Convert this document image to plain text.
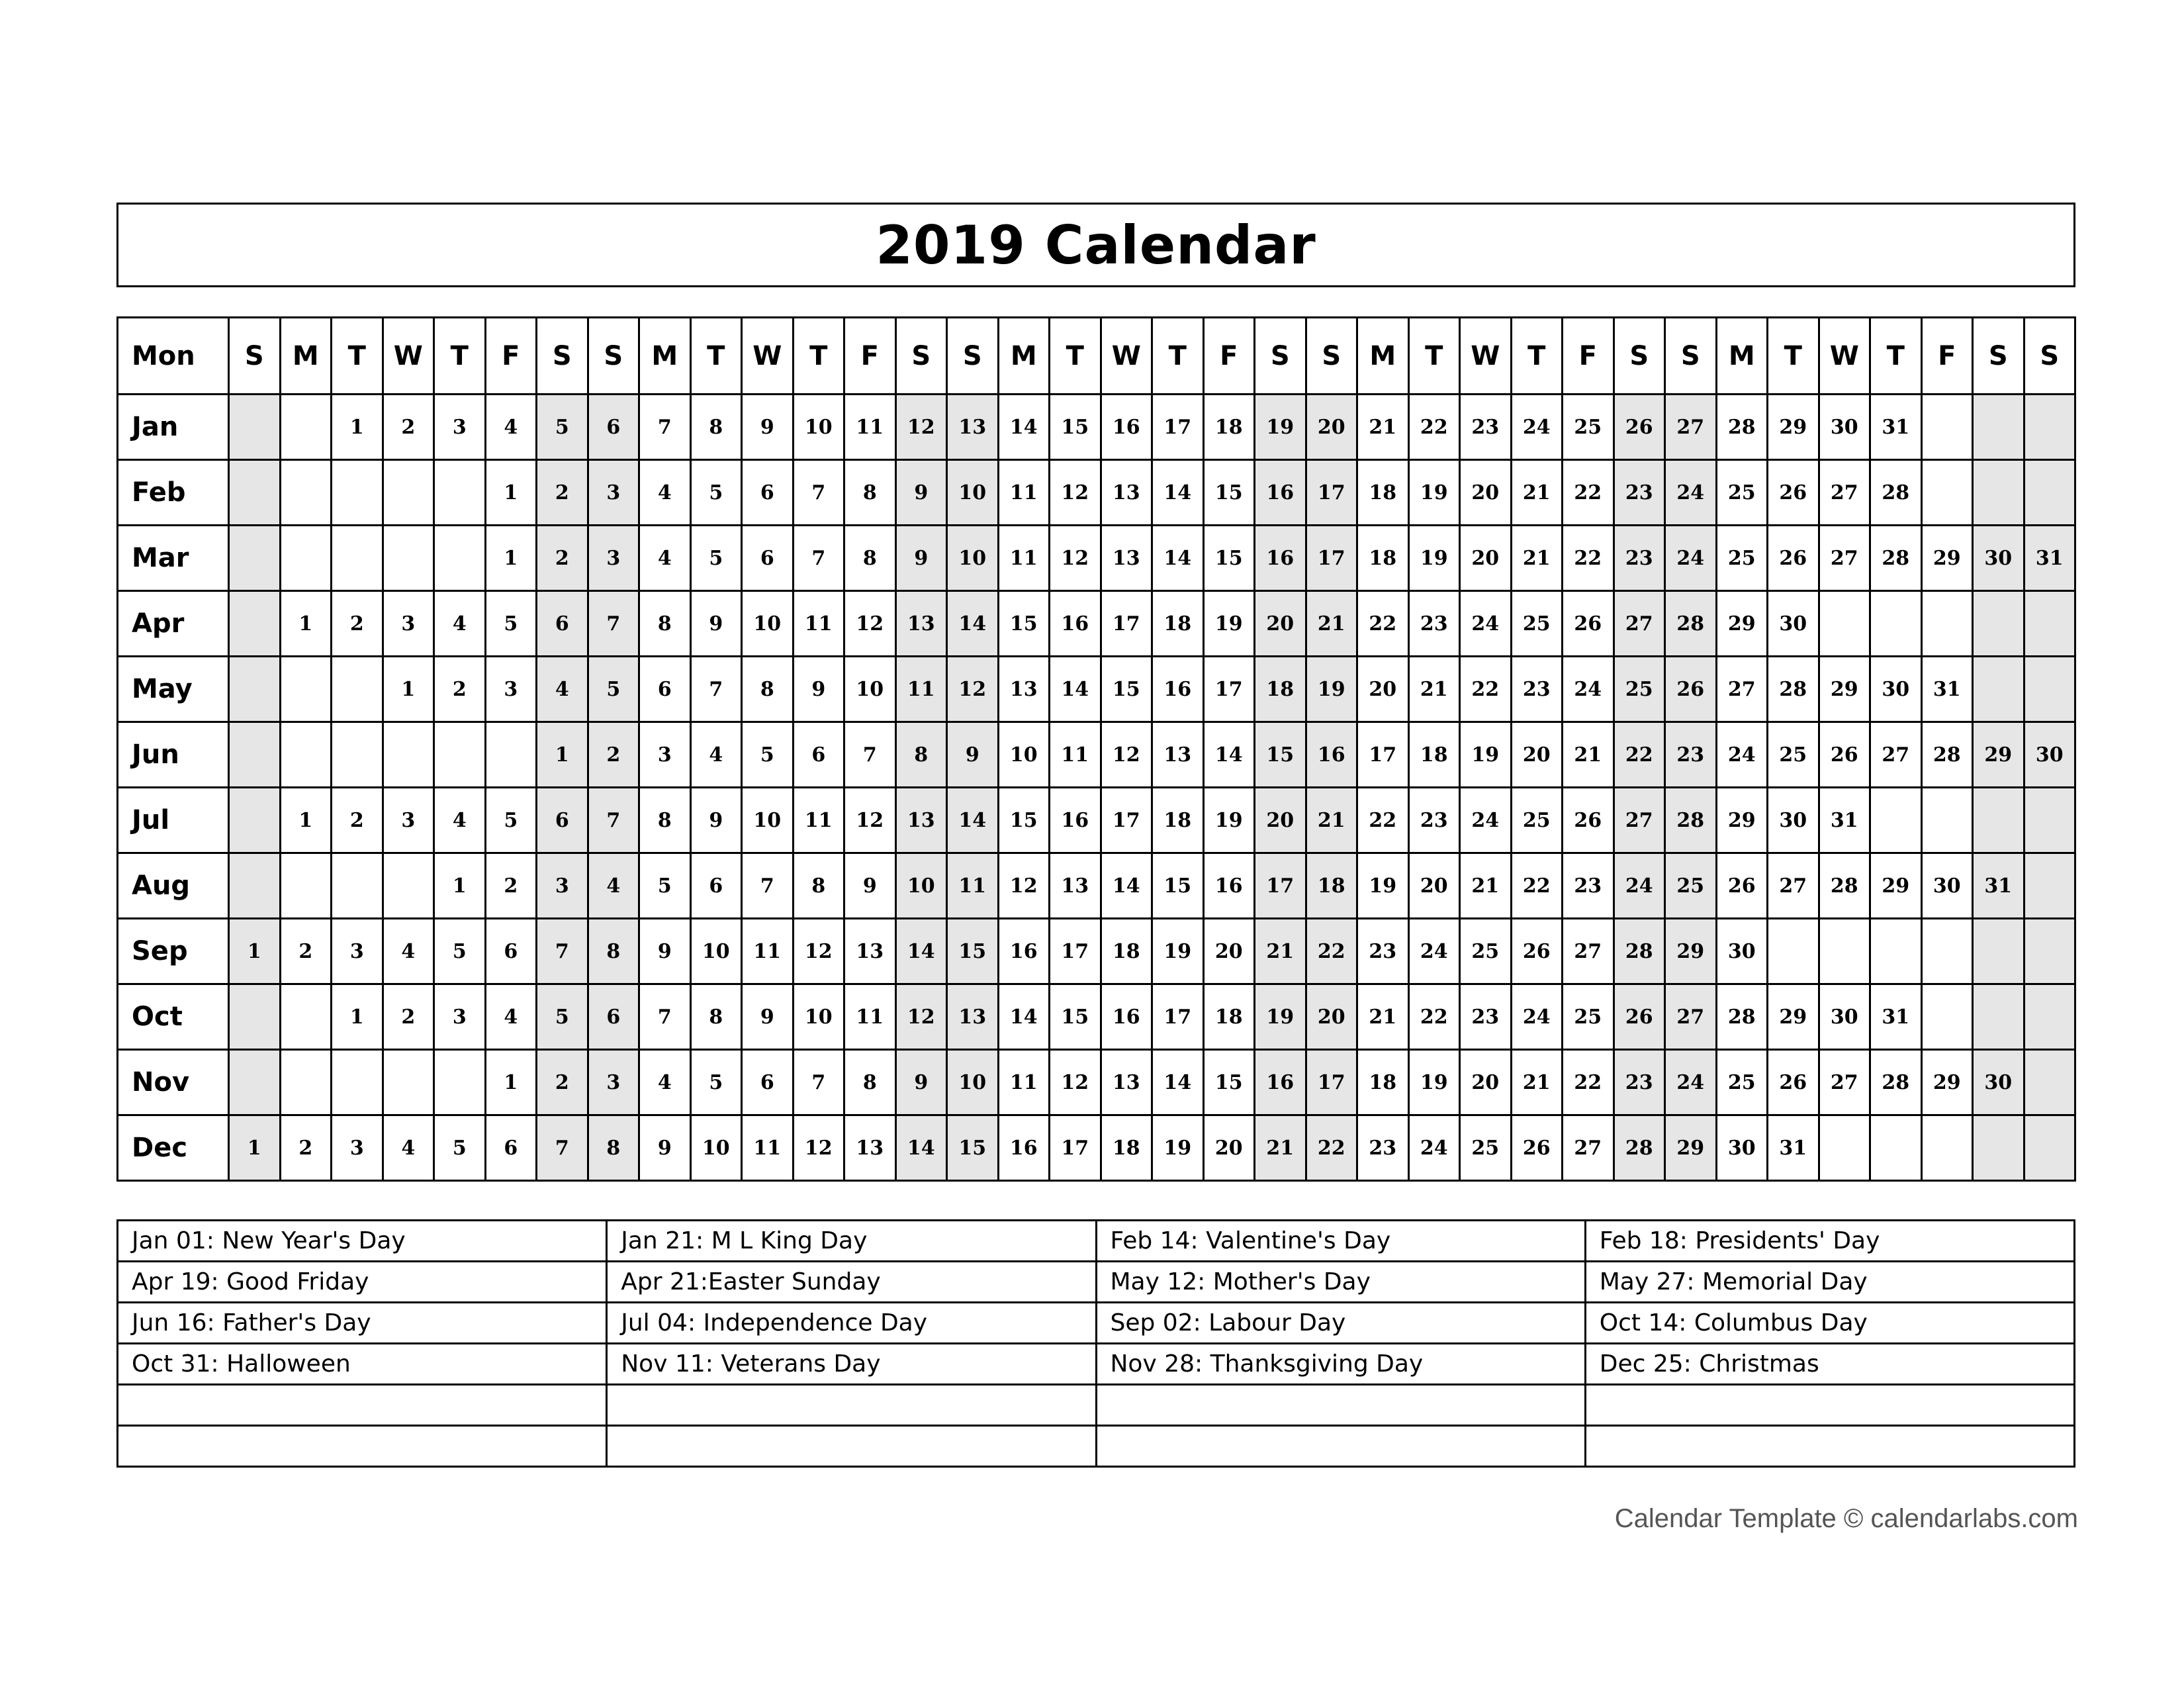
2019 Calendar
Mon	S	M	T	W	T	F	S	S	M	T	W	T	F	S	S	M	T	W	T	F	S	S	M	T	W	T	F	S	S	M	T	W	T	F	S	S
Jan			1	2	3	4	5	6	7	8	9	10	11	12	13	14	15	16	17	18	19	20	21	22	23	24	25	26	27	28	29	30	31			
Feb						1	2	3	4	5	6	7	8	9	10	11	12	13	14	15	16	17	18	19	20	21	22	23	24	25	26	27	28			
Mar						1	2	3	4	5	6	7	8	9	10	11	12	13	14	15	16	17	18	19	20	21	22	23	24	25	26	27	28	29	30	31
Apr		1	2	3	4	5	6	7	8	9	10	11	12	13	14	15	16	17	18	19	20	21	22	23	24	25	26	27	28	29	30					
May				1	2	3	4	5	6	7	8	9	10	11	12	13	14	15	16	17	18	19	20	21	22	23	24	25	26	27	28	29	30	31		
Jun							1	2	3	4	5	6	7	8	9	10	11	12	13	14	15	16	17	18	19	20	21	22	23	24	25	26	27	28	29	30
Jul		1	2	3	4	5	6	7	8	9	10	11	12	13	14	15	16	17	18	19	20	21	22	23	24	25	26	27	28	29	30	31				
Aug					1	2	3	4	5	6	7	8	9	10	11	12	13	14	15	16	17	18	19	20	21	22	23	24	25	26	27	28	29	30	31	
Sep	1	2	3	4	5	6	7	8	9	10	11	12	13	14	15	16	17	18	19	20	21	22	23	24	25	26	27	28	29	30						
Oct			1	2	3	4	5	6	7	8	9	10	11	12	13	14	15	16	17	18	19	20	21	22	23	24	25	26	27	28	29	30	31			
Nov						1	2	3	4	5	6	7	8	9	10	11	12	13	14	15	16	17	18	19	20	21	22	23	24	25	26	27	28	29	30	
Dec	1	2	3	4	5	6	7	8	9	10	11	12	13	14	15	16	17	18	19	20	21	22	23	24	25	26	27	28	29	30	31					
Jan 01: New Year's Day	Jan 21: M L King Day	Feb 14: Valentine's Day	Feb 18: Presidents' Day
Apr 19: Good Friday	Apr 21:Easter Sunday	May 12: Mother's Day	May 27: Memorial Day
Jun 16: Father's Day	Jul 04: Independence Day	Sep 02: Labour Day	Oct 14: Columbus Day
Oct 31: Halloween	Nov 11: Veterans Day	Nov 28: Thanksgiving Day	Dec 25: Christmas

Calendar Template © calendarlabs.com
